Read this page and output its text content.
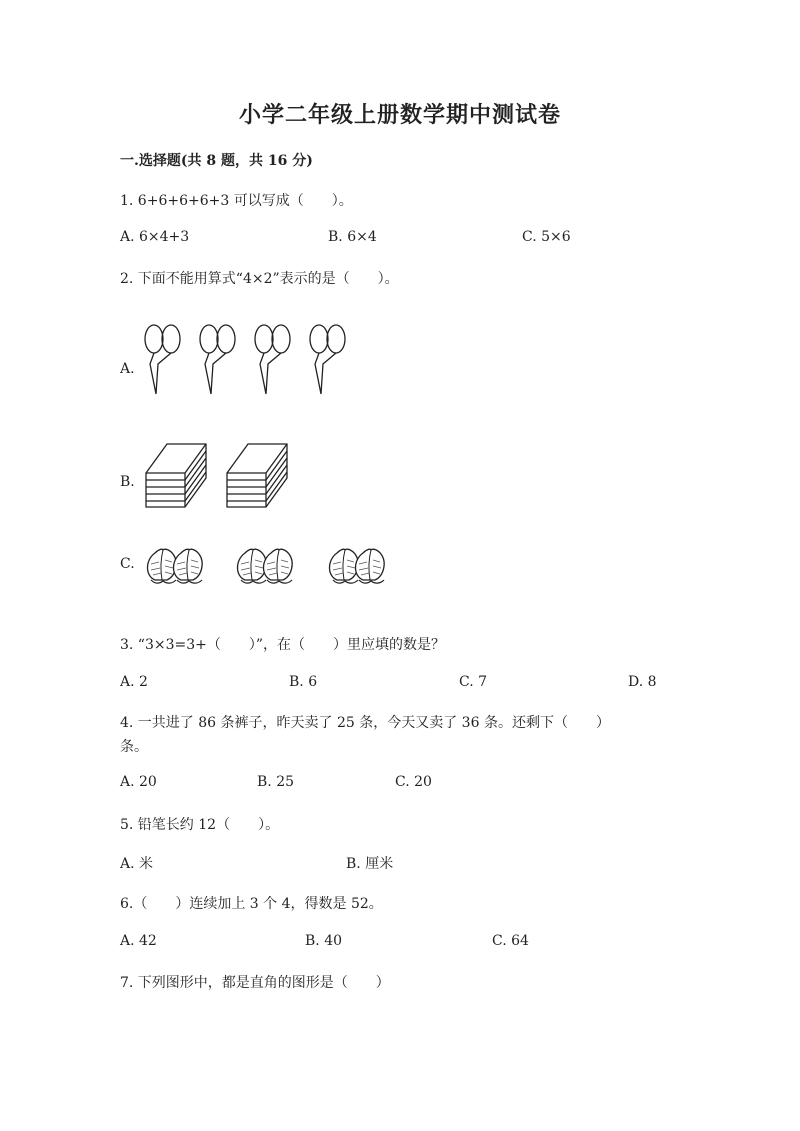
小学二年级上册数学期中测试卷
一.选择题(共 8 题，共 16 分)
1. 6+6+6+6+3 可以写成（　　）。
A. 6×4+3	B. 6×4	C. 5×6
2. 下面不能用算式“4×2”表示的是（　　）。
A.
B.
C.
3. “3×3=3+（　　）”，在（　　）里应填的数是？
A. 2	B. 6	C. 7	D. 8
4. 一共进了 86 条裤子，昨天卖了 25 条，今天又卖了 36 条。还剩下（　　）
条。
A. 20	B. 25	C. 20
5. 铅笔长约 12（　　）。
A. 米	B. 厘米
6.（　　）连续加上 3 个 4，得数是 52。
A. 42	B. 40	C. 64
7. 下列图形中，都是直角的图形是（　　）
